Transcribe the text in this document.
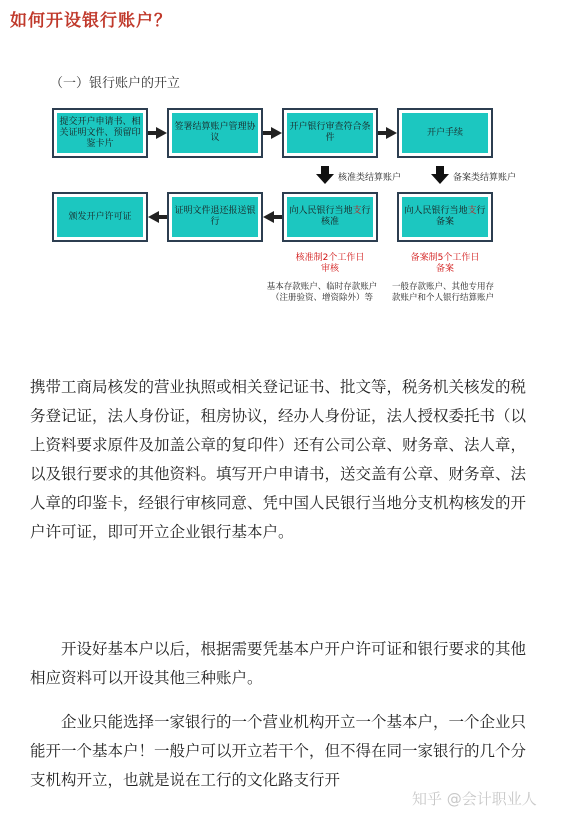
如何开设银行账户？
（一）银行账户的开立
提交开户申请书、相关证明文件、预留印鉴卡片
签署结算账户管理协议
开户银行审查符合条件
开户手续
核准类结算账户	备案类结算账户
向人民银行当地支行核准
向人民银行当地支行备案
证明文件退还报送银行
颁发开户许可证
核准制2个工作日审核
备案制5个工作日备案
基本存款账户、临时存款账户（注册验资、增资除外）等
一般存款账户、其他专用存款账户和个人银行结算账户

携带工商局核发的营业执照或相关登记证书、批文等，税务机关核发的税务登记证，法人身份证，租房协议，经办人身份证，法人授权委托书（以上资料要求原件及加盖公章的复印件）还有公司公章、财务章、法人章，以及银行要求的其他资料。填写开户申请书，送交盖有公章、财务章、法人章的印鉴卡，经银行审核同意、凭中国人民银行当地分支机构核发的开户许可证，即可开立企业银行基本户。

开设好基本户以后，根据需要凭基本户开户许可证和银行要求的其他相应资料可以开设其他三种账户。

企业只能选择一家银行的一个营业机构开立一个基本户，一个企业只能开一个基本户！一般户可以开立若干个，但不得在同一家银行的几个分支机构开立，也就是说在工行的文化路支行开

知乎 @会计职业人
